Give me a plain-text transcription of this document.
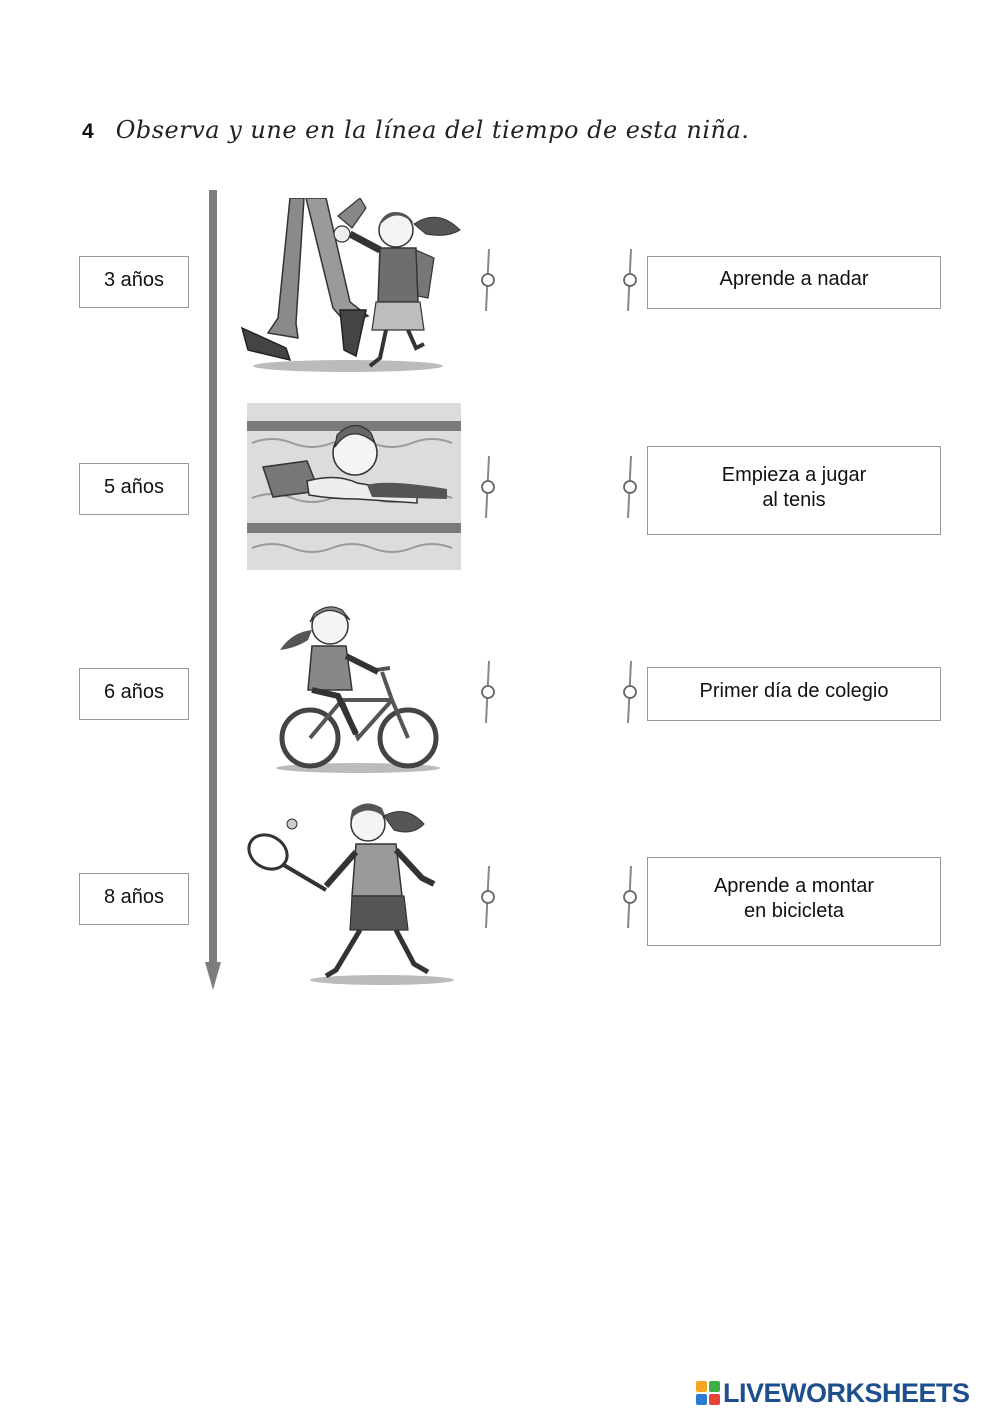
4 Observa y une en la línea del tiempo de esta niña.
3 años
5 años
6 años
8 años
Aprende a nadar
Empieza a jugar
al tenis
Primer día de colegio
Aprende a montar
en bicicleta
LIVEWORKSHEETS
